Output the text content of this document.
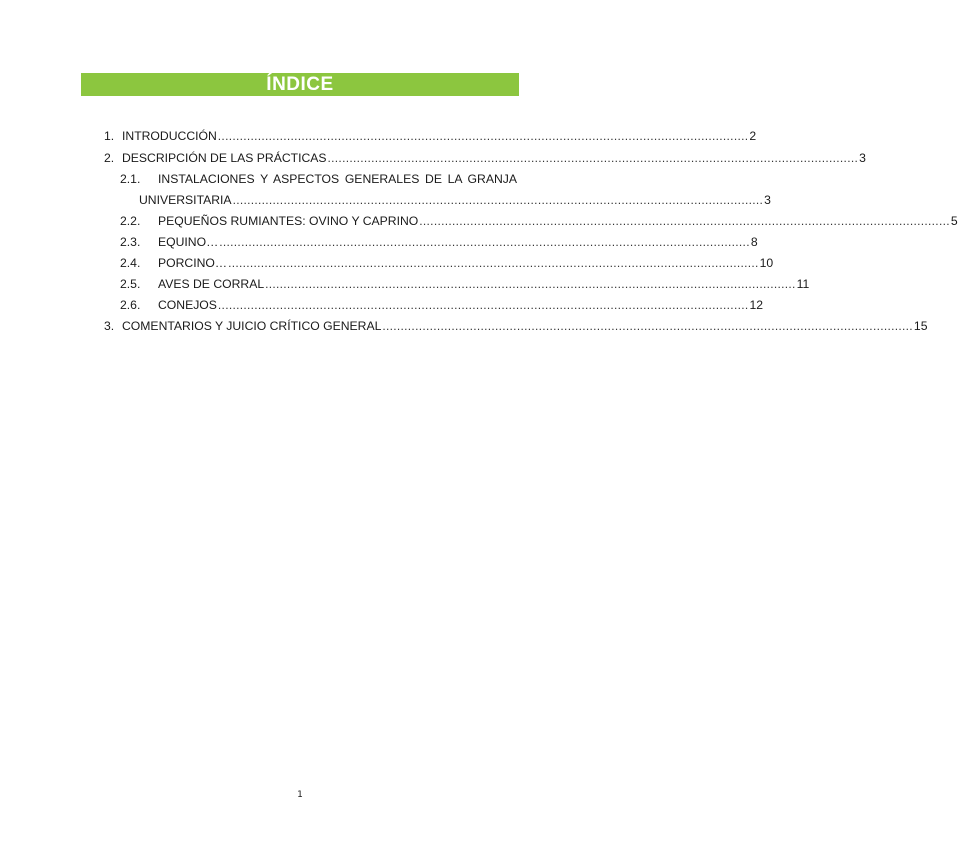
ÍNDICE
1. INTRODUCCIÓN .................................................................................................................................................. 2
2. DESCRIPCIÓN DE LAS PRÁCTICAS .................................................................................................................................................. 3
2.1.	INSTALACIONES Y ASPECTOS GENERALES DE LA GRANJA
UNIVERSITARIA .................................................................................................................................................. 3
2.2.	PEQUEÑOS RUMIANTES: OVINO Y CAPRINO .................................................................................................................................................. 5
2.3.	EQUINO… .................................................................................................................................................. 8
2.4.	PORCINO… .................................................................................................................................................. 10
2.5.	AVES DE CORRAL .................................................................................................................................................. 11
2.6.	CONEJOS .................................................................................................................................................. 12
3. COMENTARIOS Y JUICIO CRÍTICO GENERAL .................................................................................................................................................. 15
1
